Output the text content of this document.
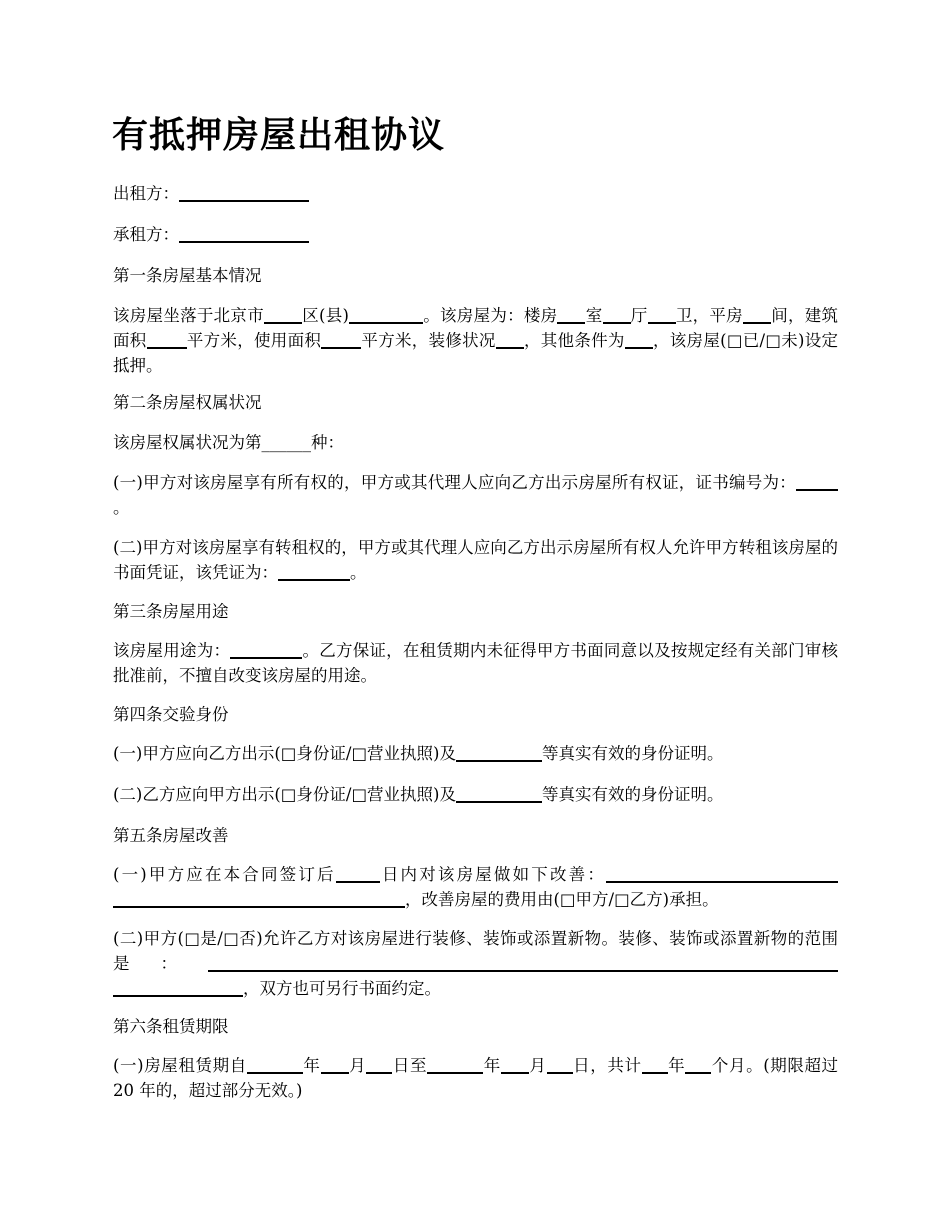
有抵押房屋出租协议

出租方：

承租方：

第一条房屋基本情况

该房屋坐落于北京市 区(县)	。该房屋为：楼房 室 厅 卫，平房 间，建筑面积 平方米，使用面积 平方米，装修状况 ，其他条件为 ，该房屋(□已/□未)设定抵押。

第二条房屋权属状况

该房屋权属状况为第______种：

(一)甲方对该房屋享有所有权的，甲方或其代理人应向乙方出示房屋所有权证，证书编号为：。

(二)甲方对该房屋享有转租权的，甲方或其代理人应向乙方出示房屋所有权人允许甲方转租该房屋的书面凭证，该凭证为：	。

第三条房屋用途

该房屋用途为：	。乙方保证，在租赁期内未征得甲方书面同意以及按规定经有关部门审核批准前，不擅自改变该房屋的用途。

第四条交验身份

(一)甲方应向乙方出示(□身份证/□营业执照)及	等真实有效的身份证明。

(二)乙方应向甲方出示(□身份证/□营业执照)及	等真实有效的身份证明。

第五条房屋改善

(一)甲方应在本合同签订后	日内对该房屋做如下改善：，改善房屋的费用由(□甲方/□乙方)承担。

(二)甲方(□是/□否)允许乙方对该房屋进行装修、装饰或添置新物。装修、装饰或添置新物的范围是：，双方也可另行书面约定。

第六条租赁期限

(一)房屋租赁期自	年 月 日至	年 月 日，共计 年 个月。(期限超过 20 年的，超过部分无效。)
